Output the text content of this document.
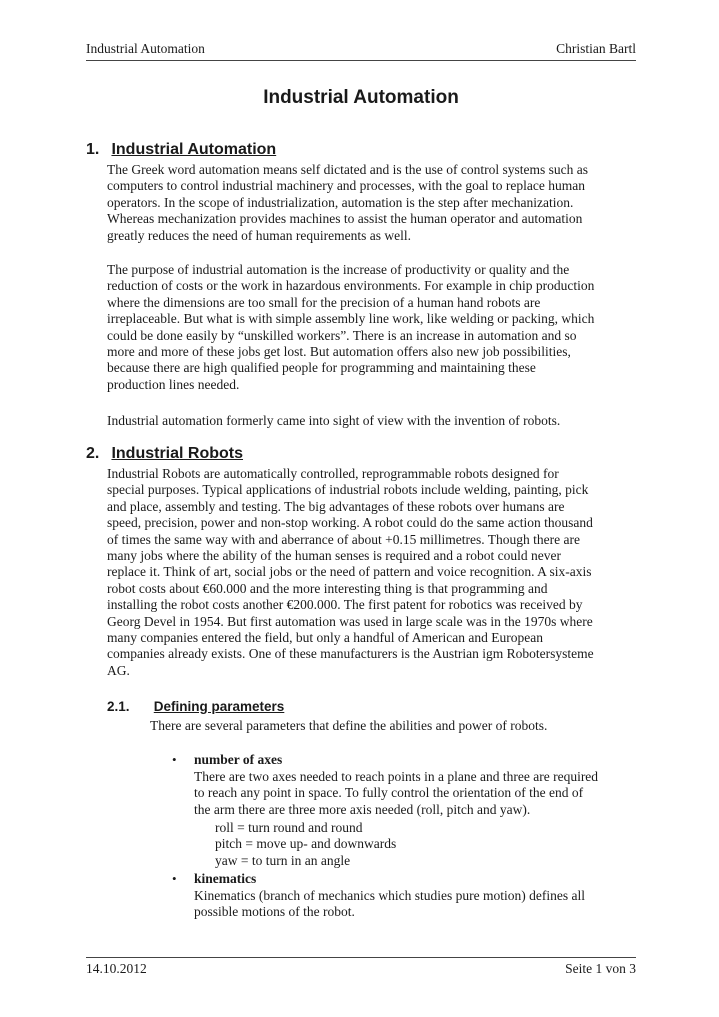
Industrial Automation	Christian Bartl
Industrial Automation
1. Industrial Automation

The Greek word automation means self dictated and is the use of control systems such as
computers to control industrial machinery and processes, with the goal to replace human
operators. In the scope of industrialization, automation is the step after mechanization.
Whereas mechanization provides machines to assist the human operator and automation
greatly reduces the need of human requirements as well.

The purpose of industrial automation is the increase of productivity or quality and the
reduction of costs or the work in hazardous environments. For example in chip production
where the dimensions are too small for the precision of a human hand robots are
irreplaceable. But what is with simple assembly line work, like welding or packing, which
could be done easily by “unskilled workers”. There is an increase in automation and so
more and more of these jobs get lost. But automation offers also new job possibilities,
because there are high qualified people for programming and maintaining these
production lines needed.

Industrial automation formerly came into sight of view with the invention of robots.

2. Industrial Robots

Industrial Robots are automatically controlled, reprogrammable robots designed for
special purposes. Typical applications of industrial robots include welding, painting, pick
and place, assembly and testing. The big advantages of these robots over humans are
speed, precision, power and non-stop working. A robot could do the same action thousand
of times the same way with and aberrance of about +0.15 millimetres. Though there are
many jobs where the ability of the human senses is required and a robot could never
replace it. Think of art, social jobs or the need of pattern and voice recognition. A six-axis
robot costs about €60.000 and the more interesting thing is that programming and
installing the robot costs another €200.000. The first patent for robotics was received by
Georg Devel in 1954. But first automation was used in large scale was in the 1970s where
many companies entered the field, but only a handful of American and European
companies already exists. One of these manufacturers is the Austrian igm Robotersysteme
AG.

2.1. Defining parameters

There are several parameters that define the abilities and power of robots.

• number of axes

There are two axes needed to reach points in a plane and three are required
to reach any point in space. To fully control the orientation of the end of
the arm there are three more axis needed (roll, pitch and yaw).

roll = turn round and round
pitch = move up- and downwards
yaw = to turn in an angle

• kinematics

Kinematics (branch of mechanics which studies pure motion) defines all
possible motions of the robot.

14.10.2012	Seite 1 von 3
